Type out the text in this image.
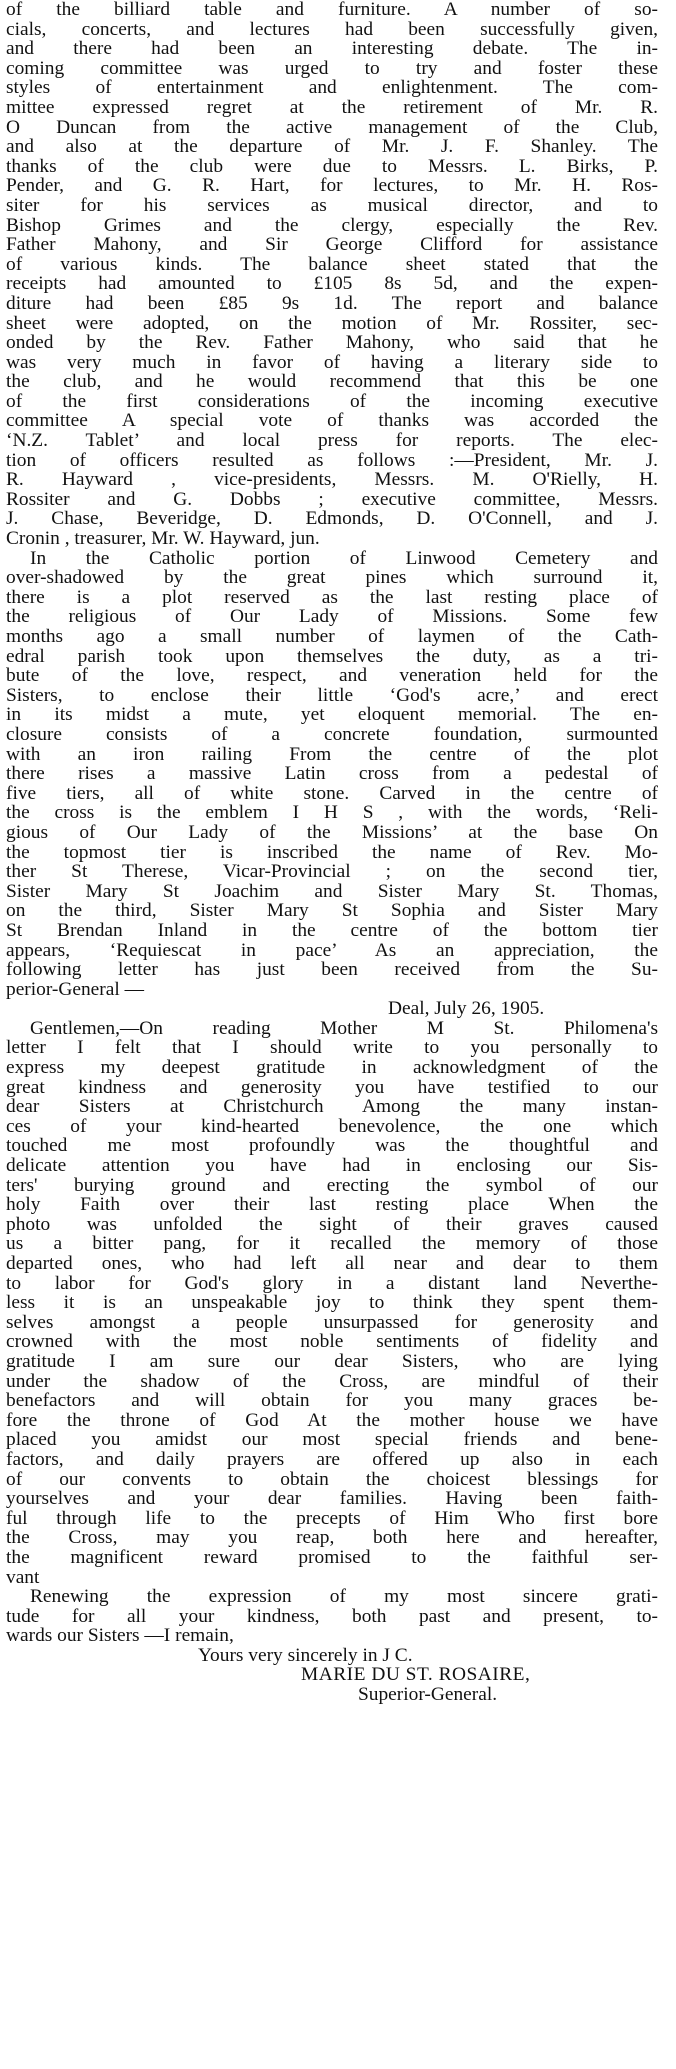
of the billiard table and furniture. A number of so-
cials, concerts, and lectures had been successfully given,
and there had been an interesting debate. The in-
coming committee was urged to try and foster these
styles of entertainment and enlightenment. The com-
mittee expressed regret at the retirement of Mr. R.
O Duncan from the active management of the Club,
and also at the departure of Mr. J. F. Shanley. The
thanks of the club were due to Messrs. L. Birks, P.
Pender, and G. R. Hart, for lectures, to Mr. H. Ros-
siter for his services as musical director, and to
Bishop Grimes and the clergy, especially the Rev.
Father Mahony, and Sir George Clifford for assistance
of various kinds. The balance sheet stated that the
receipts had amounted to £105 8s 5d, and the expen-
diture had been £85 9s 1d. The report and balance
sheet were adopted, on the motion of Mr. Rossiter, sec-
onded by the Rev. Father Mahony, who said that he
was very much in favor of having a literary side to
the club, and he would recommend that this be one
of the first considerations of the incoming executive
committee A special vote of thanks was accorded the
‘N.Z. Tablet’ and local press for reports. The elec-
tion of officers resulted as follows :—President, Mr. J.
R. Hayward , vice-presidents, Messrs. M. O'Rielly, H.
Rossiter and G. Dobbs ; executive committee, Messrs.
J. Chase, Beveridge, D. Edmonds, D. O'Connell, and J.
Cronin , treasurer, Mr. W. Hayward, jun.
In the Catholic portion of Linwood Cemetery and
over-shadowed by the great pines which surround it,
there is a plot reserved as the last resting place of
the religious of Our Lady of Missions. Some few
months ago a small number of laymen of the Cath-
edral parish took upon themselves the duty, as a tri-
bute of the love, respect, and veneration held for the
Sisters, to enclose their little ‘God's acre,’ and erect
in its midst a mute, yet eloquent memorial. The en-
closure consists of a concrete foundation, surmounted
with an iron railing From the centre of the plot
there rises a massive Latin cross from a pedestal of
five tiers, all of white stone. Carved in the centre of
the cross is the emblem I H S , with the words, ‘Reli-
gious of Our Lady of the Missions’ at the base On
the topmost tier is inscribed the name of Rev. Mo-
ther St Therese, Vicar-Provincial ; on the second tier,
Sister Mary St Joachim and Sister Mary St. Thomas,
on the third, Sister Mary St Sophia and Sister Mary
St Brendan Inland in the centre of the bottom tier
appears, ‘Requiescat in pace’ As an appreciation, the
following letter has just been received from the Su-
perior-General —
Deal, July 26, 1905.
Gentlemen,—On reading Mother M St. Philomena's
letter I felt that I should write to you personally to
express my deepest gratitude in acknowledgment of the
great kindness and generosity you have testified to our
dear Sisters at Christchurch Among the many instan-
ces of your kind-hearted benevolence, the one which
touched me most profoundly was the thoughtful and
delicate attention you have had in enclosing our Sis-
ters' burying ground and erecting the symbol of our
holy Faith over their last resting place When the
photo was unfolded the sight of their graves caused
us a bitter pang, for it recalled the memory of those
departed ones, who had left all near and dear to them
to labor for God's glory in a distant land Neverthe-
less it is an unspeakable joy to think they spent them-
selves amongst a people unsurpassed for generosity and
crowned with the most noble sentiments of fidelity and
gratitude I am sure our dear Sisters, who are lying
under the shadow of the Cross, are mindful of their
benefactors and will obtain for you many graces be-
fore the throne of God At the mother house we have
placed you amidst our most special friends and bene-
factors, and daily prayers are offered up also in each
of our convents to obtain the choicest blessings for
yourselves and your dear families. Having been faith-
ful through life to the precepts of Him Who first bore
the Cross, may you reap, both here and hereafter,
the magnificent reward promised to the faithful ser-
vant
Renewing the expression of my most sincere grati-
tude for all your kindness, both past and present, to-
wards our Sisters —I remain,
Yours very sincerely in J C.
MARIE DU ST. ROSAIRE,
Superior-General.
